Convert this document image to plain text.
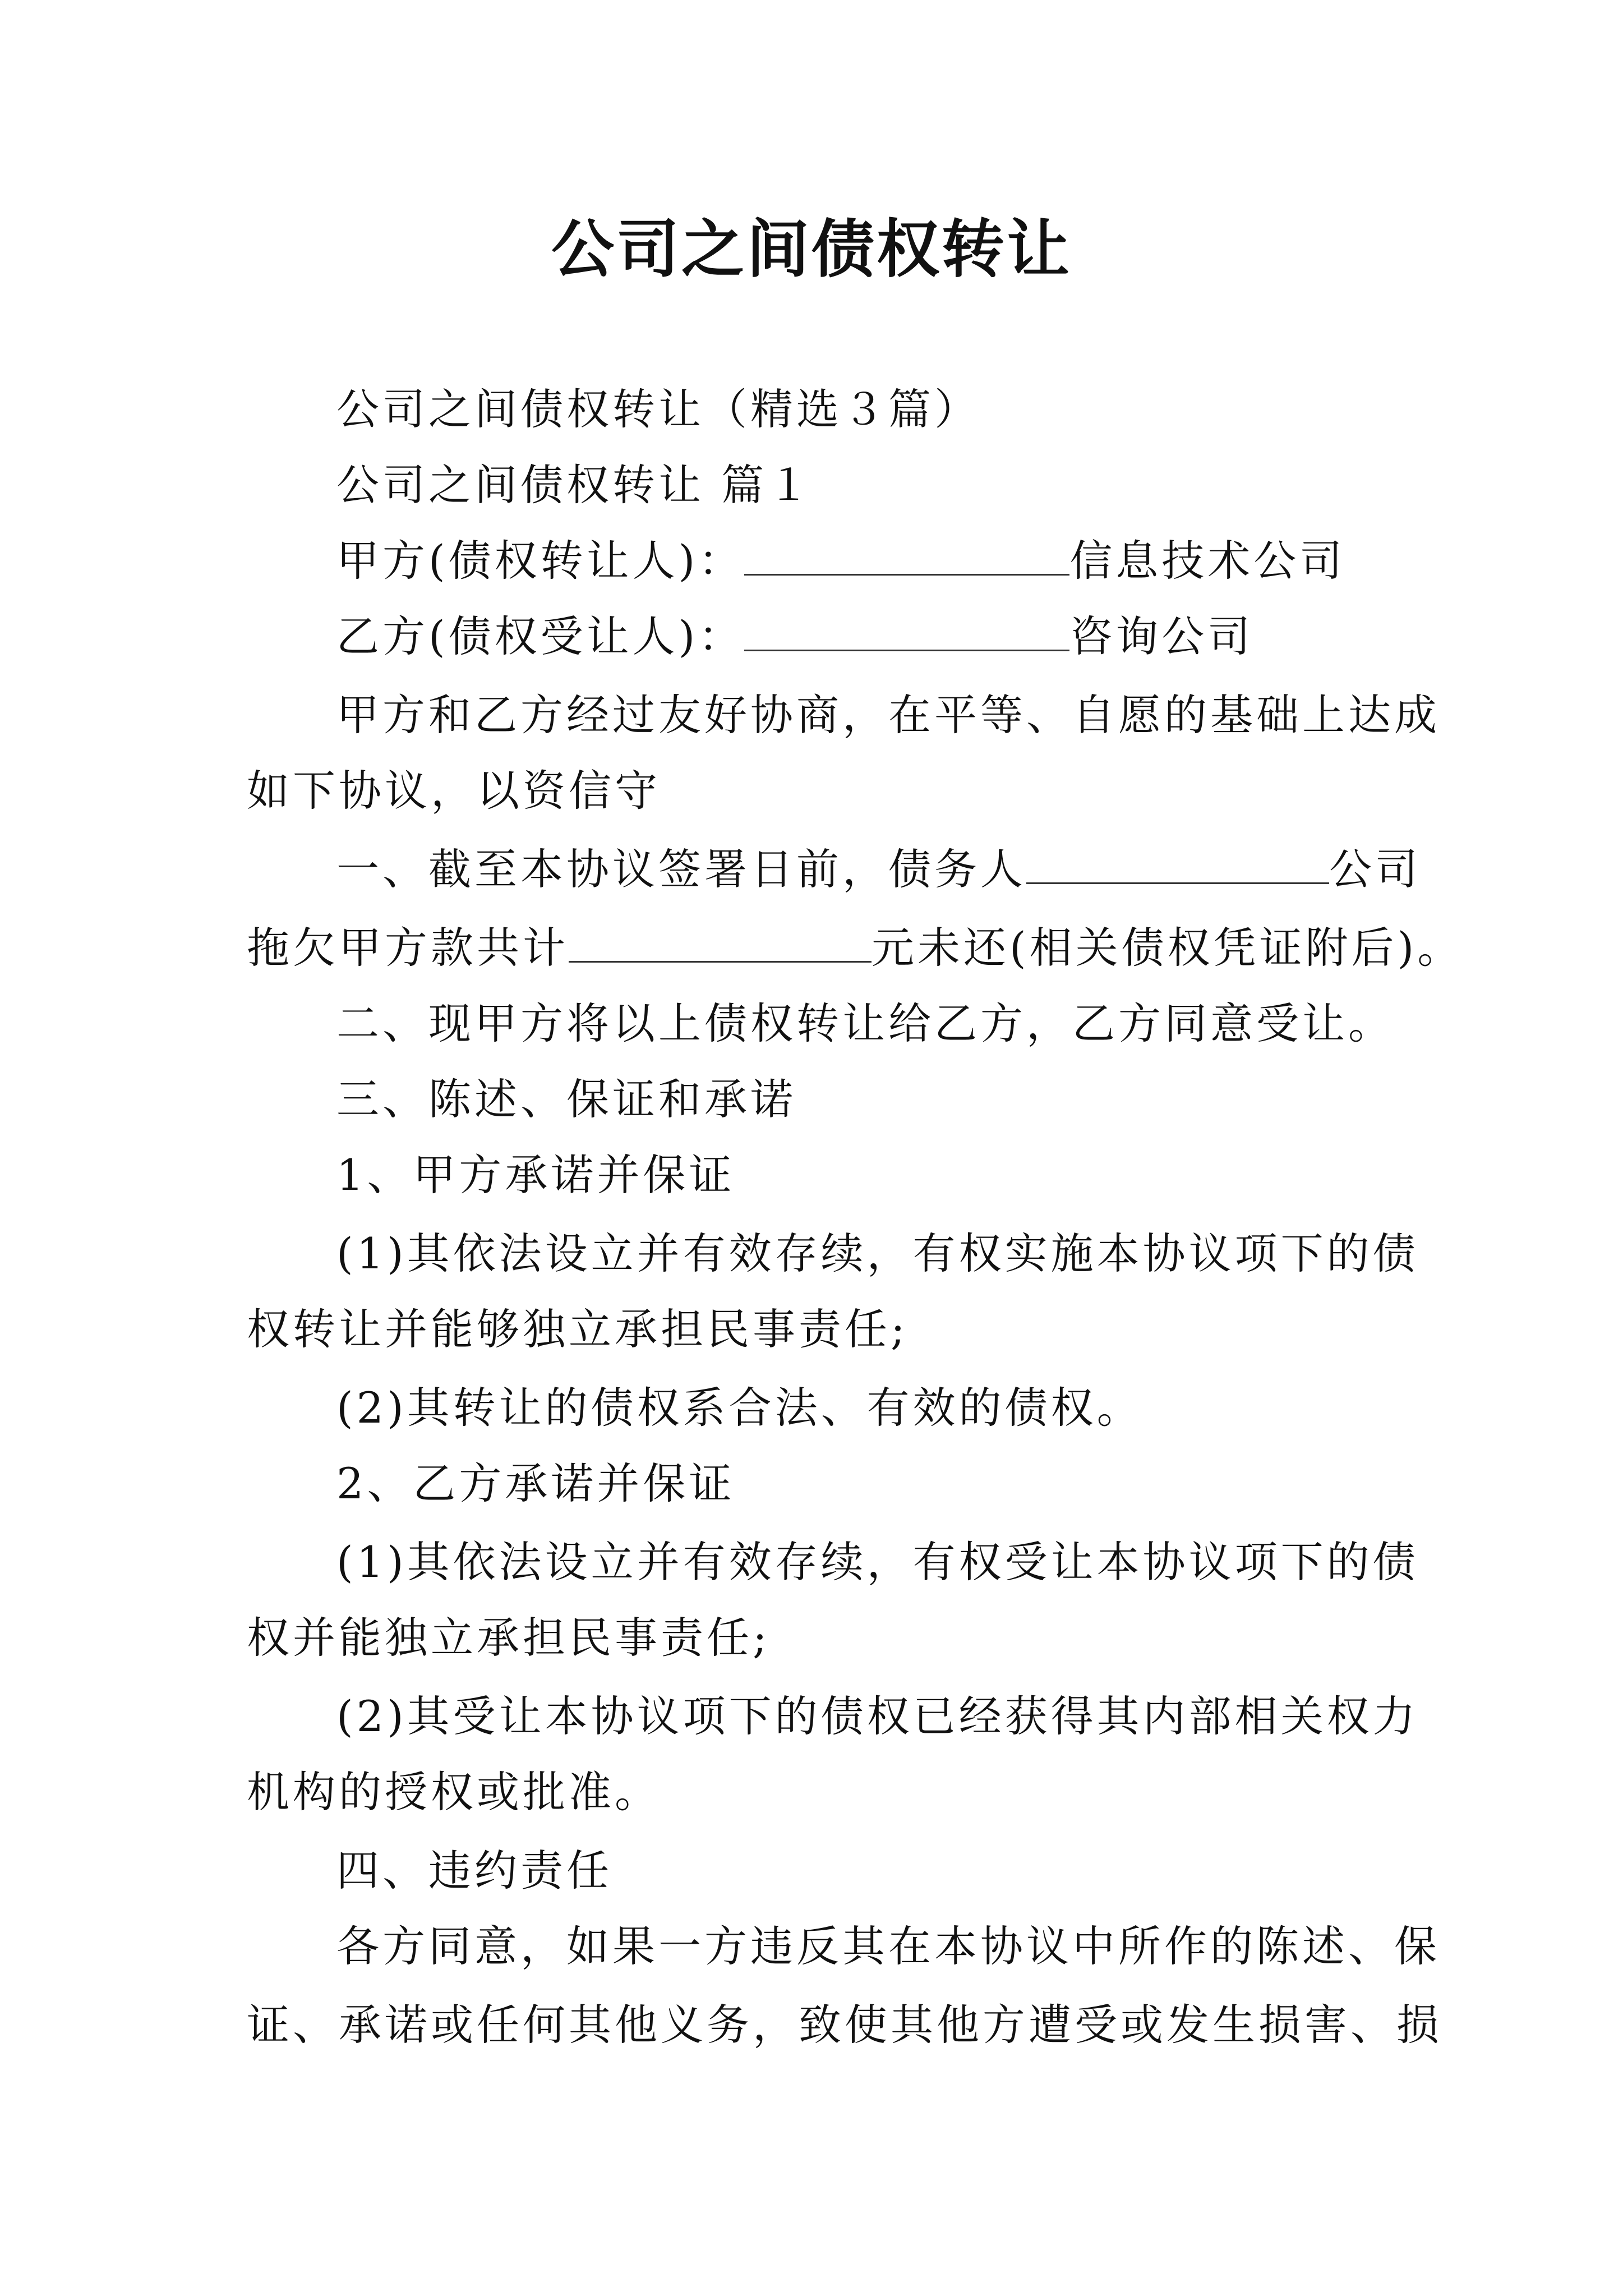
公司之间债权转让
公司之间债权转让（精选３篇）
公司之间债权转让 篇１
甲方(债权转让人)：	信息技术公司
乙方(债权受让人)：	咨询公司
甲方和乙方经过友好协商，在平等、自愿的基础上达成
如下协议，以资信守
一、截至本协议签署日前，债务人	公司
拖欠甲方款共计	元未还(相关债权凭证附后)。
二、现甲方将以上债权转让给乙方，乙方同意受让。
三、陈述、保证和承诺
1、甲方承诺并保证
(1)其依法设立并有效存续，有权实施本协议项下的债
权转让并能够独立承担民事责任;
(2)其转让的债权系合法、有效的债权。
2、乙方承诺并保证
(1)其依法设立并有效存续，有权受让本协议项下的债
权并能独立承担民事责任;
(2)其受让本协议项下的债权已经获得其内部相关权力
机构的授权或批准。
四、违约责任
各方同意，如果一方违反其在本协议中所作的陈述、保
证、承诺或任何其他义务，致使其他方遭受或发生损害、损
